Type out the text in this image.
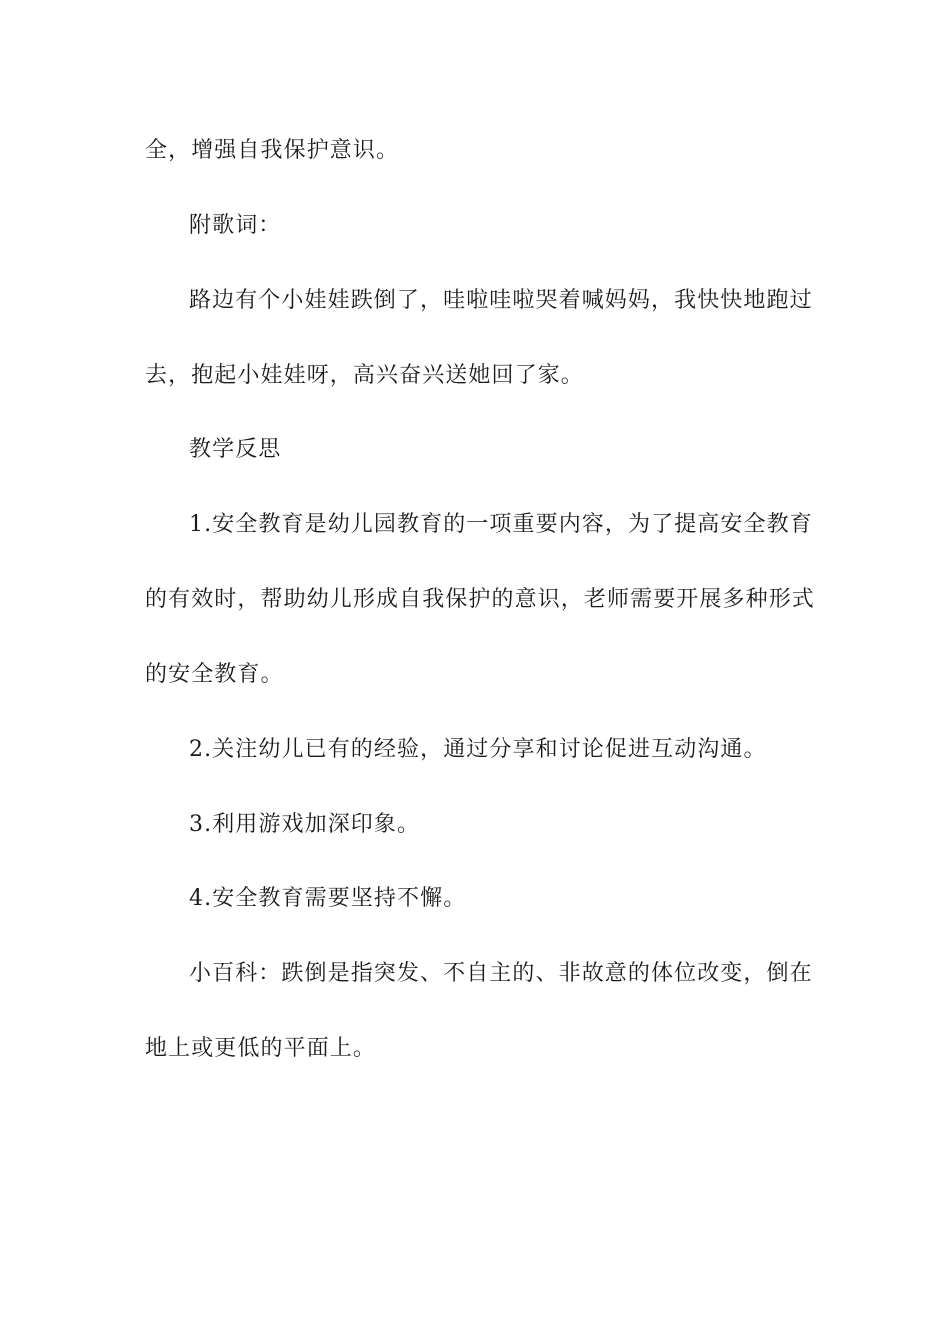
全，增强自我保护意识。
附歌词：
路边有个小娃娃跌倒了，哇啦哇啦哭着喊妈妈，我快快地跑过
去，抱起小娃娃呀，高兴奋兴送她回了家。
教学反思
1.安全教育是幼儿园教育的一项重要内容，为了提高安全教育
的有效时，帮助幼儿形成自我保护的意识，老师需要开展多种形式
的安全教育。
2.关注幼儿已有的经验，通过分享和讨论促进互动沟通。
3.利用游戏加深印象。
4.安全教育需要坚持不懈。
小百科：跌倒是指突发、不自主的、非故意的体位改变，倒在
地上或更低的平面上。
